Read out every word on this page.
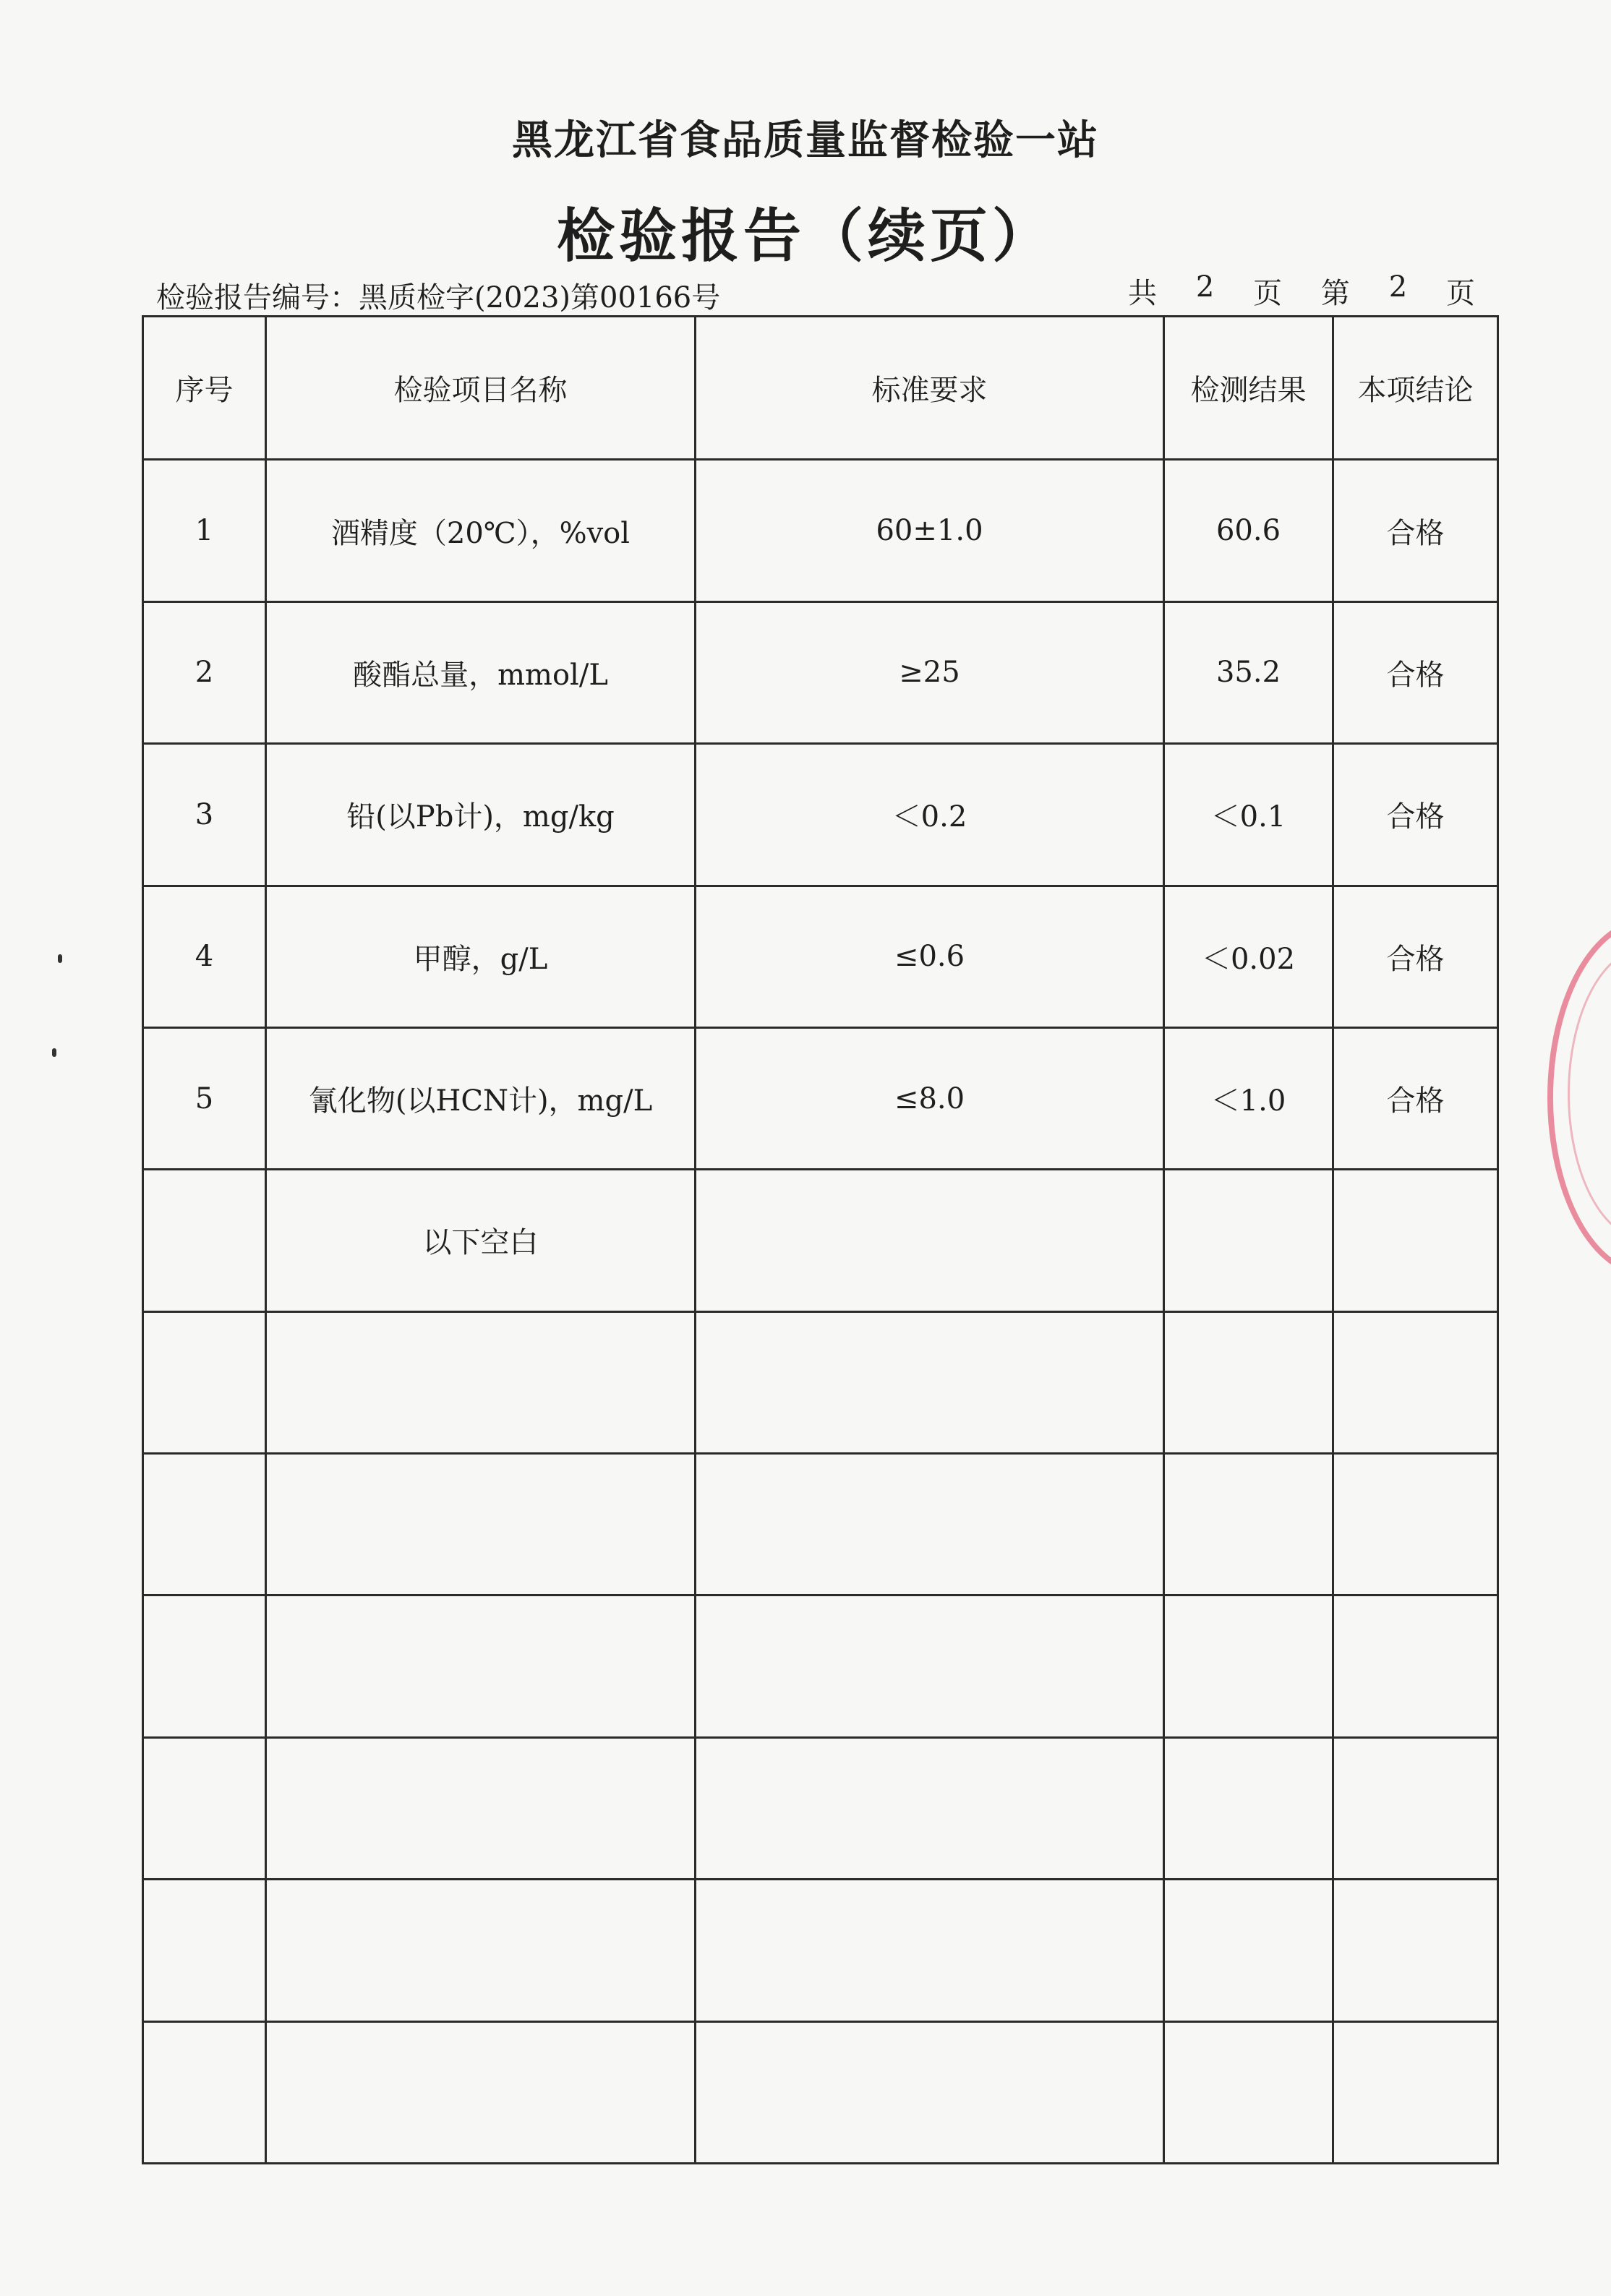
黑龙江省食品质量监督检验一站
检验报告（续页）
检验报告编号：黑质检字(2023)第00166号	共 2 页 第 2 页
序号	检验项目名称	标准要求	检测结果	本项结论
1	酒精度（20℃），%vol	60±1.0	60.6	合格
2	酸酯总量，mmol/L	≥25	35.2	合格
3	铅(以Pb计)，mg/kg	＜0.2	＜0.1	合格
4	甲醇，g/L	≤0.6	＜0.02	合格
5	氰化物(以HCN计)，mg/L	≤8.0	＜1.0	合格
	以下空白			
